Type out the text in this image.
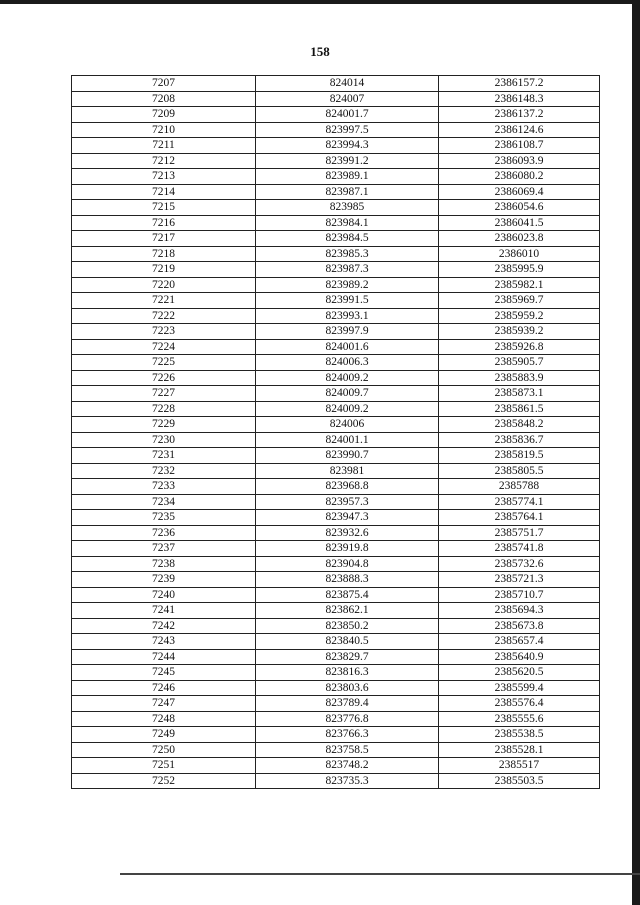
158
7207	824014	2386157.2
7208	824007	2386148.3
7209	824001.7	2386137.2
7210	823997.5	2386124.6
7211	823994.3	2386108.7
7212	823991.2	2386093.9
7213	823989.1	2386080.2
7214	823987.1	2386069.4
7215	823985	2386054.6
7216	823984.1	2386041.5
7217	823984.5	2386023.8
7218	823985.3	2386010
7219	823987.3	2385995.9
7220	823989.2	2385982.1
7221	823991.5	2385969.7
7222	823993.1	2385959.2
7223	823997.9	2385939.2
7224	824001.6	2385926.8
7225	824006.3	2385905.7
7226	824009.2	2385883.9
7227	824009.7	2385873.1
7228	824009.2	2385861.5
7229	824006	2385848.2
7230	824001.1	2385836.7
7231	823990.7	2385819.5
7232	823981	2385805.5
7233	823968.8	2385788
7234	823957.3	2385774.1
7235	823947.3	2385764.1
7236	823932.6	2385751.7
7237	823919.8	2385741.8
7238	823904.8	2385732.6
7239	823888.3	2385721.3
7240	823875.4	2385710.7
7241	823862.1	2385694.3
7242	823850.2	2385673.8
7243	823840.5	2385657.4
7244	823829.7	2385640.9
7245	823816.3	2385620.5
7246	823803.6	2385599.4
7247	823789.4	2385576.4
7248	823776.8	2385555.6
7249	823766.3	2385538.5
7250	823758.5	2385528.1
7251	823748.2	2385517
7252	823735.3	2385503.5
